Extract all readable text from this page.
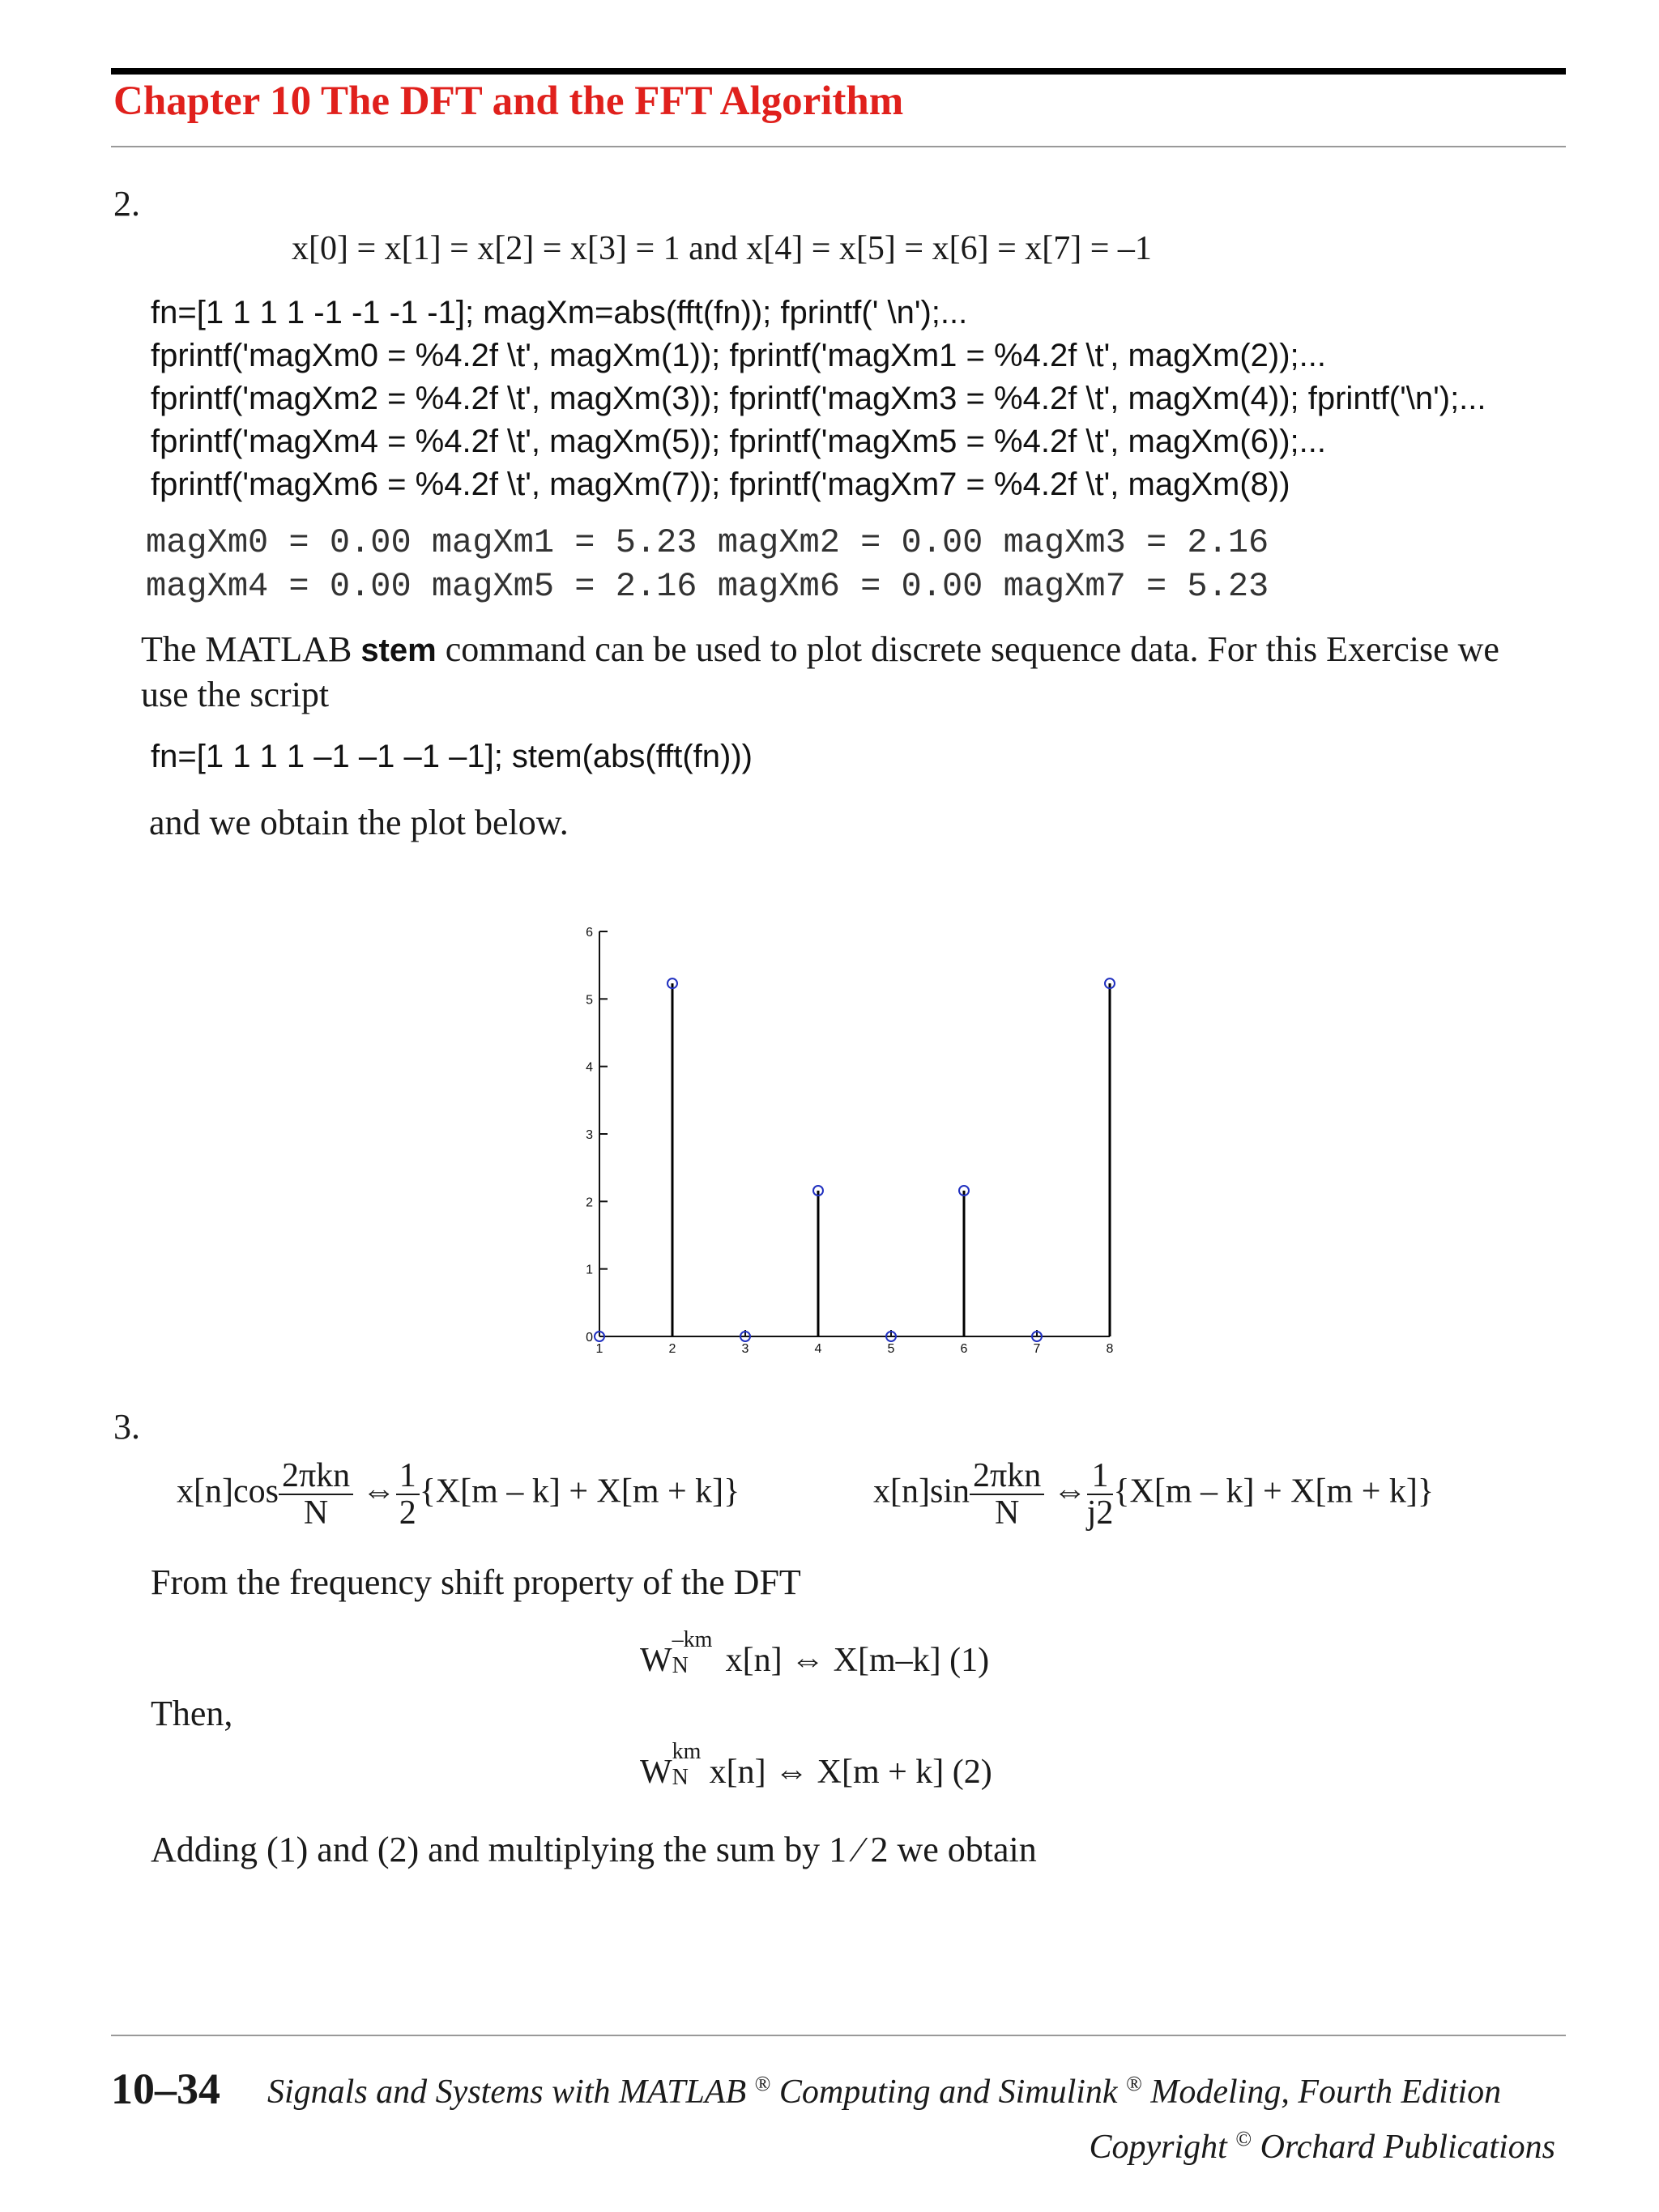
Chapter 10 The DFT and the FFT Algorithm
2.
x[0] = x[1] = x[2] = x[3] = 1 and x[4] = x[5] = x[6] = x[7] = –1
fn=[1 1 1 1 -1 -1 -1 -1]; magXm=abs(fft(fn)); fprintf(' \n');...
fprintf('magXm0 = %4.2f \t', magXm(1)); fprintf('magXm1 = %4.2f \t', magXm(2));...
fprintf('magXm2 = %4.2f \t', magXm(3)); fprintf('magXm3 = %4.2f \t', magXm(4)); fprintf('\n');...
fprintf('magXm4 = %4.2f \t', magXm(5)); fprintf('magXm5 = %4.2f \t', magXm(6));...
fprintf('magXm6 = %4.2f \t', magXm(7)); fprintf('magXm7 = %4.2f \t', magXm(8))
magXm0 = 0.00 magXm1 = 5.23 magXm2 = 0.00 magXm3 = 2.16
magXm4 = 0.00 magXm5 = 2.16 magXm6 = 0.00 magXm7 = 5.23
The MATLAB stem command can be used to plot discrete sequence data. For this Exercise we
use the script
fn=[1 1 1 1 –1 –1 –1 –1]; stem(abs(fft(fn)))
and we obtain the plot below.
0
1
2
3
4
5
6
1	2	3	4	5	6	7	8
3.
$x[n]\cos \frac{\text{2πkn}}{N}$ ⇔ $\frac{1}{2} \{X[m - k] + X[m + k]\}$	$x[n]\sin \frac{\text{2πkn}}{N}$ ⇔ $\frac{1}{j2} \{X[m - k] + X[m + k]\}$
From the frequency shift property of the DFT
W
–km
N x[n] ⇔ X[m–k] (1)
Then,
W
km
N x[n] ⇔ X[m + k] (2)
Adding (1) and (2) and multiplying the sum by 1 ⁄ 2 we obtain
10–34 Signals and Systems with MATLAB ® Computing and Simulink ® Modeling, Fourth Edition
Copyright © Orchard Publications
